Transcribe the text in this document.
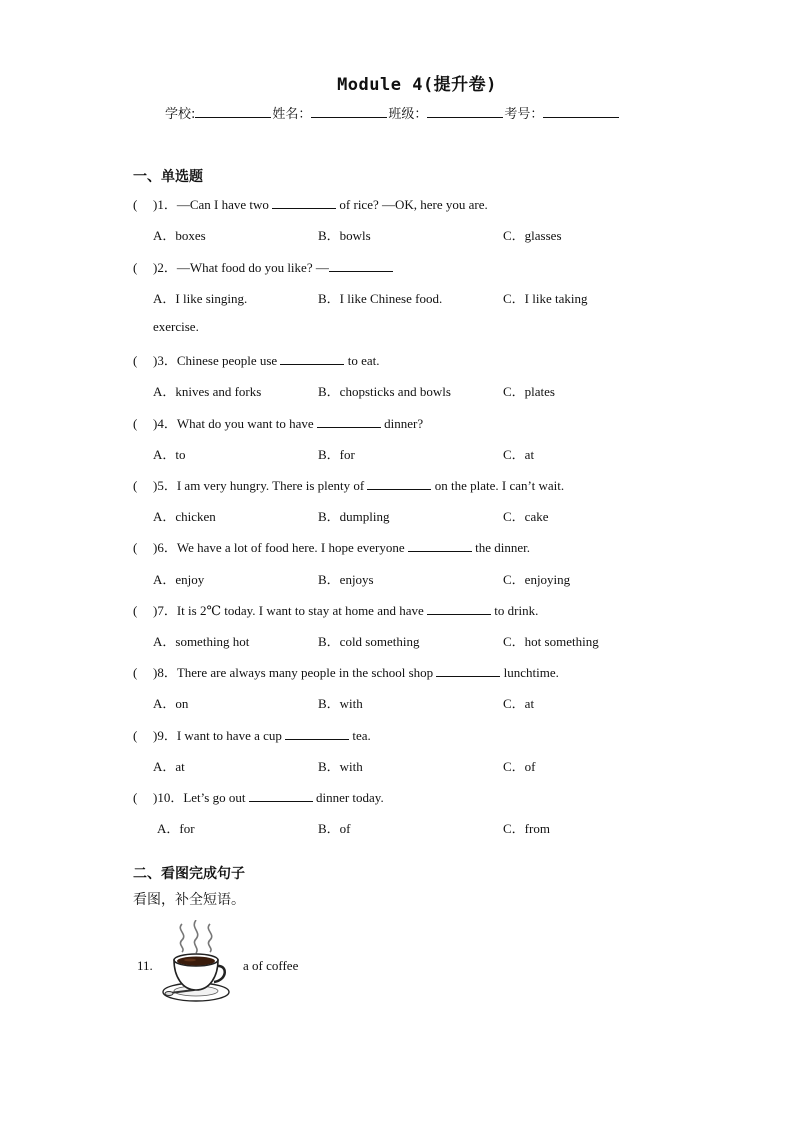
Module 4(提升卷)
学校:	姓名：	班级：	考号：
一、单选题
( )1．—Can I have two	of rice? —OK, here you are.
A．boxes	B．bowls	C．glasses
( )2．—What food do you like? —
A．I like singing.	B．I like Chinese food.	C．I like taking
exercise.
( )3．Chinese people use	to eat.
A．knives and forks	B．chopsticks and bowls	C．plates
( )4．What do you want to have	dinner?
A．to	B．for	C．at
( )5．I am very hungry. There is plenty of	on the plate. I can’t wait.
A．chicken	B．dumpling	C．cake
( )6．We have a lot of food here. I hope everyone	the dinner.
A．enjoy	B．enjoys	C．enjoying
( )7．It is 2℃ today. I want to stay at home and have	to drink.
A．something hot	B．cold something	C．hot something
( )8．There are always many people in the school shop	lunchtime.
A．on	B．with	C．at
( )9．I want to have a cup	tea.
A．at	B．with	C．of
( )10．Let’s go out	dinner today.
A．for	B．of	C．from
二、看图完成句子
看图，补全短语。
11.	a of coffee
